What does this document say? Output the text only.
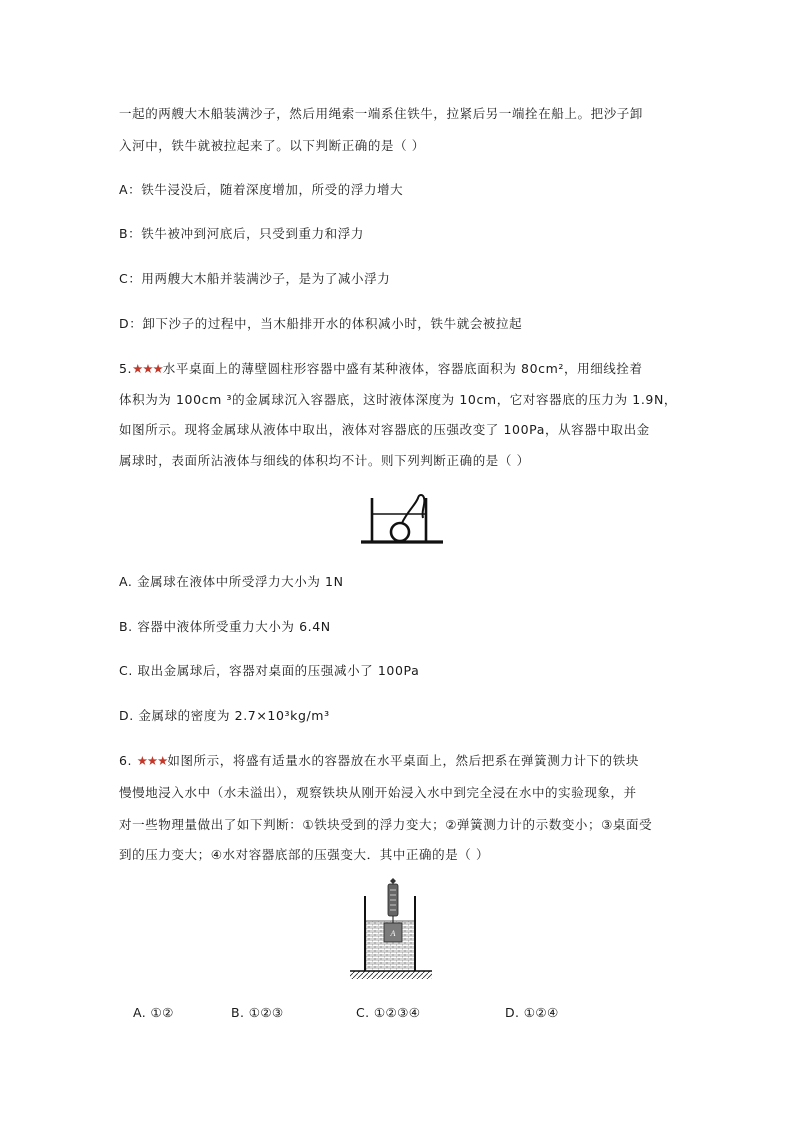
一起的两艘大木船装满沙子，然后用绳索一端系住铁牛，拉紧后另一端拴在船上。把沙子卸
入河中，铁牛就被拉起来了。以下判断正确的是（ ）
A：铁牛浸没后，随着深度增加，所受的浮力增大
B：铁牛被冲到河底后，只受到重力和浮力
C：用两艘大木船并装满沙子，是为了减小浮力
D：卸下沙子的过程中，当木船排开水的体积减小时，铁牛就会被拉起
5.★★★水平桌面上的薄壁圆柱形容器中盛有某种液体，容器底面积为 80cm²，用细线拴着
体积为为 100cm ³的金属球沉入容器底，这时液体深度为 10cm，它对容器底的压力为 1.9N，
如图所示。现将金属球从液体中取出，液体对容器底的压强改变了 100Pa，从容器中取出金
属球时，表面所沾液体与细线的体积均不计。则下列判断正确的是（ ）
A. 金属球在液体中所受浮力大小为 1N
B. 容器中液体所受重力大小为 6.4N
C. 取出金属球后，容器对桌面的压强减小了 100Pa
D. 金属球的密度为 2.7×10³kg/m³
6. ★★★如图所示，将盛有适量水的容器放在水平桌面上，然后把系在弹簧测力计下的铁块
慢慢地浸入水中（水未溢出），观察铁块从刚开始浸入水中到完全浸在水中的实验现象，并
对一些物理量做出了如下判断：①铁块受到的浮力变大；②弹簧测力计的示数变小；③桌面受
到的压力变大；④水对容器底部的压强变大．其中正确的是（ ）
A
A. ①②	B. ①②③	C. ①②③④	D. ①②④
